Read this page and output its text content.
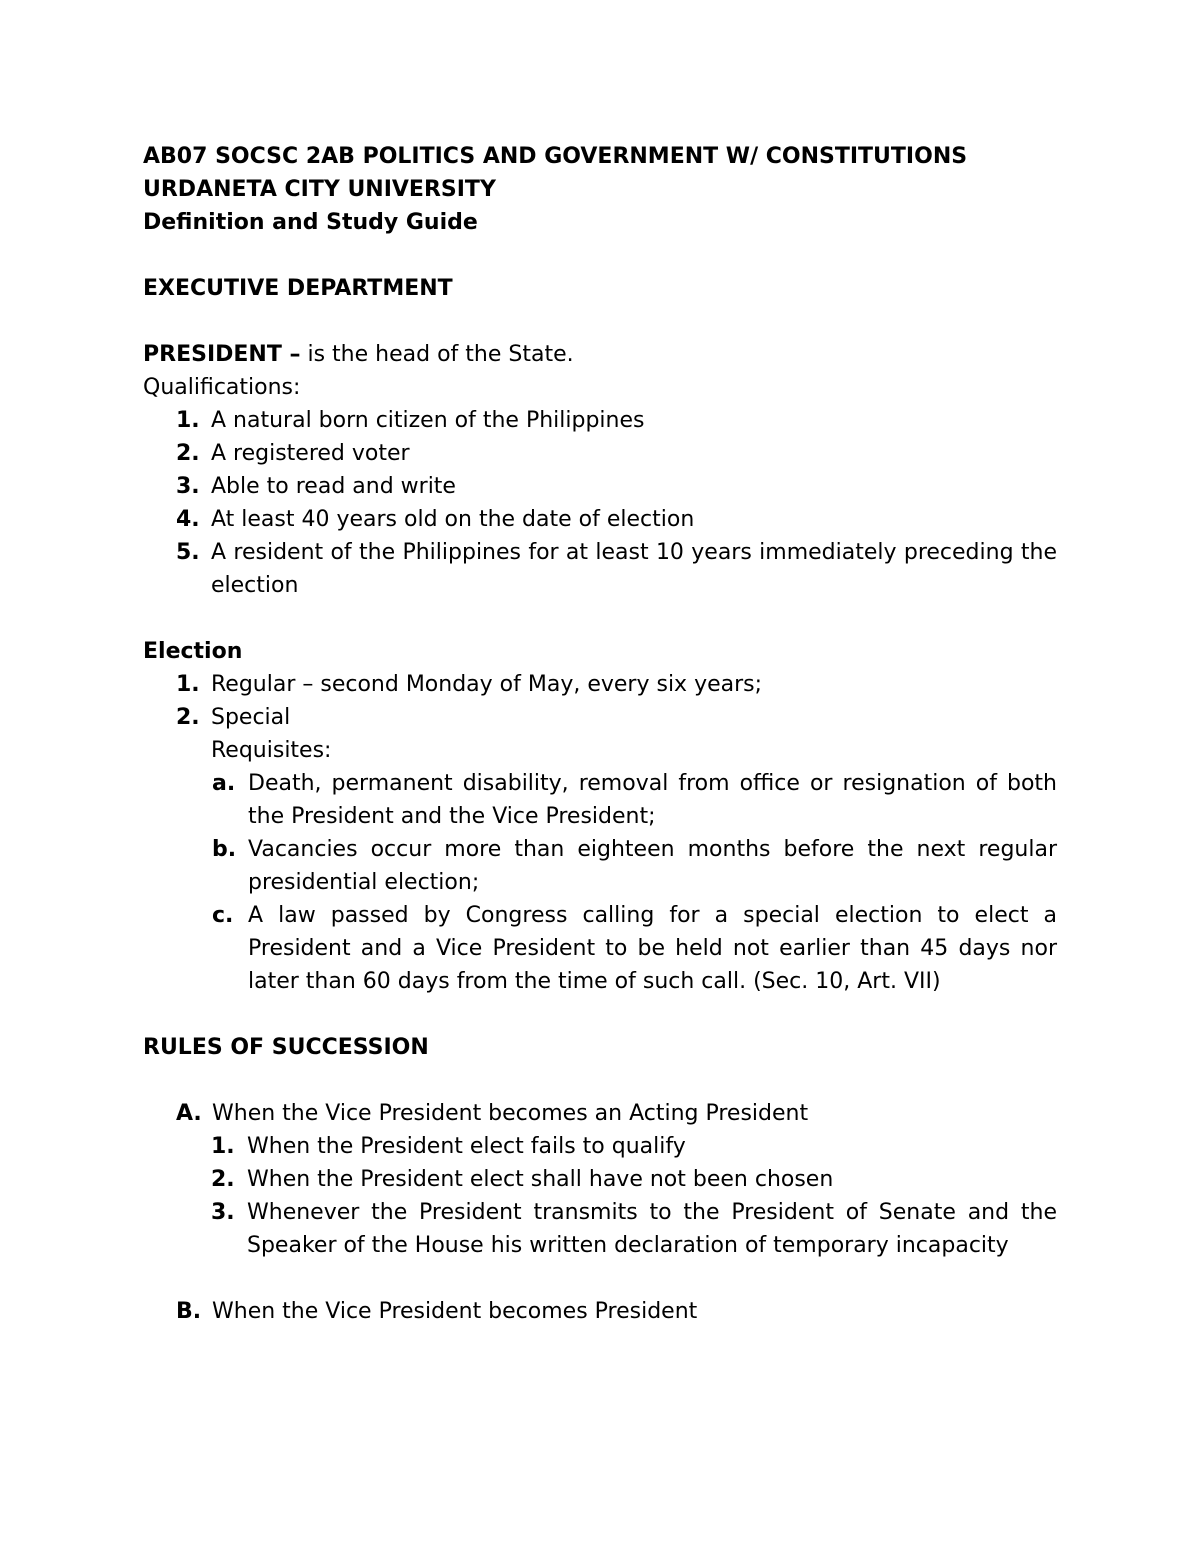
AB07 SOCSC 2AB POLITICS AND GOVERNMENT W/ CONSTITUTIONS

URDANETA CITY UNIVERSITY

Definition and Study Guide

EXECUTIVE DEPARTMENT

PRESIDENT – is the head of the State.

Qualifications:

1. A natural born citizen of the Philippines
2. A registered voter
3. Able to read and write
4. At least 40 years old on the date of election
5. A resident of the Philippines for at least 10 years immediately preceding the election

Election

1. Regular – second Monday of May, every six years;
2. Special

Requisites:

a. Death, permanent disability, removal from office or resignation of both the President and the Vice President;
b. Vacancies occur more than eighteen months before the next regular presidential election;
c. A law passed by Congress calling for a special election to elect a President and a Vice President to be held not earlier than 45 days nor later than 60 days from the time of such call. (Sec. 10, Art. VII)

RULES OF SUCCESSION

A. When the Vice President becomes an Acting President
1. When the President elect fails to qualify
2. When the President elect shall have not been chosen
3. Whenever the President transmits to the President of Senate and the Speaker of the House his written declaration of temporary incapacity
B. When the Vice President becomes President
